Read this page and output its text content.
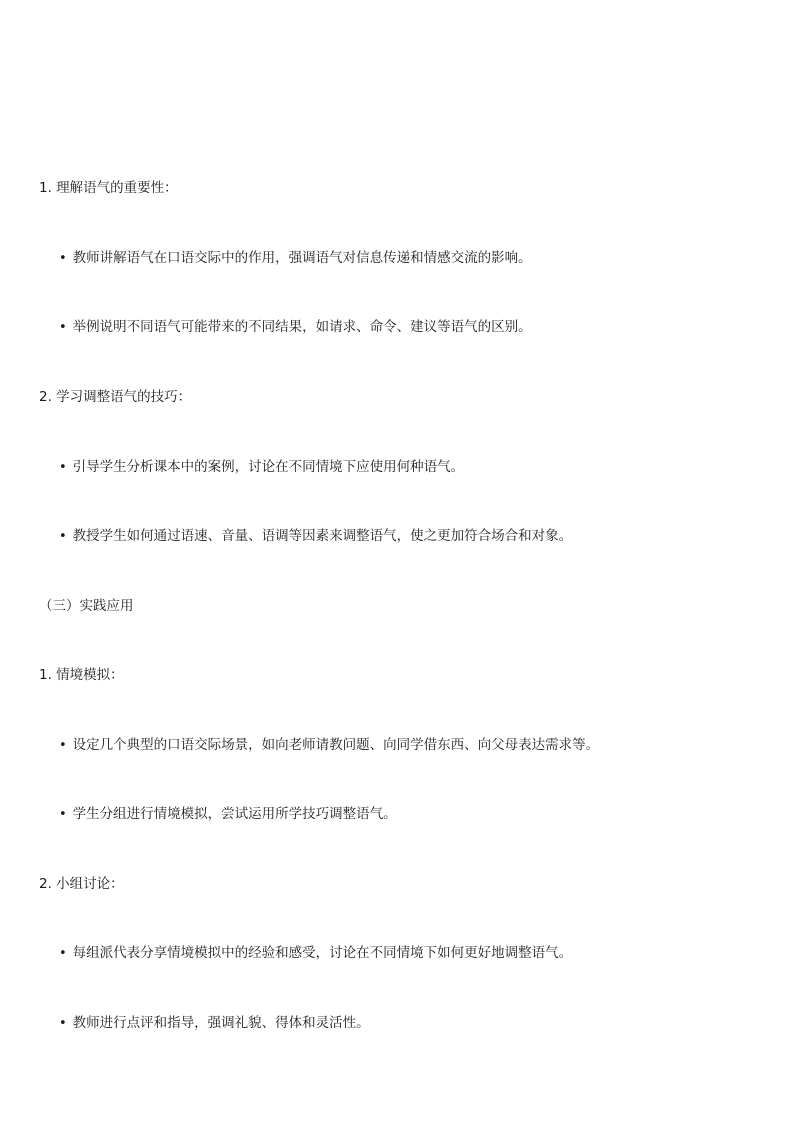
1. 理解语气的重要性：
• 教师讲解语气在口语交际中的作用，强调语气对信息传递和情感交流的影响。
• 举例说明不同语气可能带来的不同结果，如请求、命令、建议等语气的区别。
2. 学习调整语气的技巧：
• 引导学生分析课本中的案例，讨论在不同情境下应使用何种语气。
• 教授学生如何通过语速、音量、语调等因素来调整语气，使之更加符合场合和对象。
（三）实践应用
1. 情境模拟：
• 设定几个典型的口语交际场景，如向老师请教问题、向同学借东西、向父母表达需求等。
• 学生分组进行情境模拟，尝试运用所学技巧调整语气。
2. 小组讨论：
• 每组派代表分享情境模拟中的经验和感受，讨论在不同情境下如何更好地调整语气。
• 教师进行点评和指导，强调礼貌、得体和灵活性。
